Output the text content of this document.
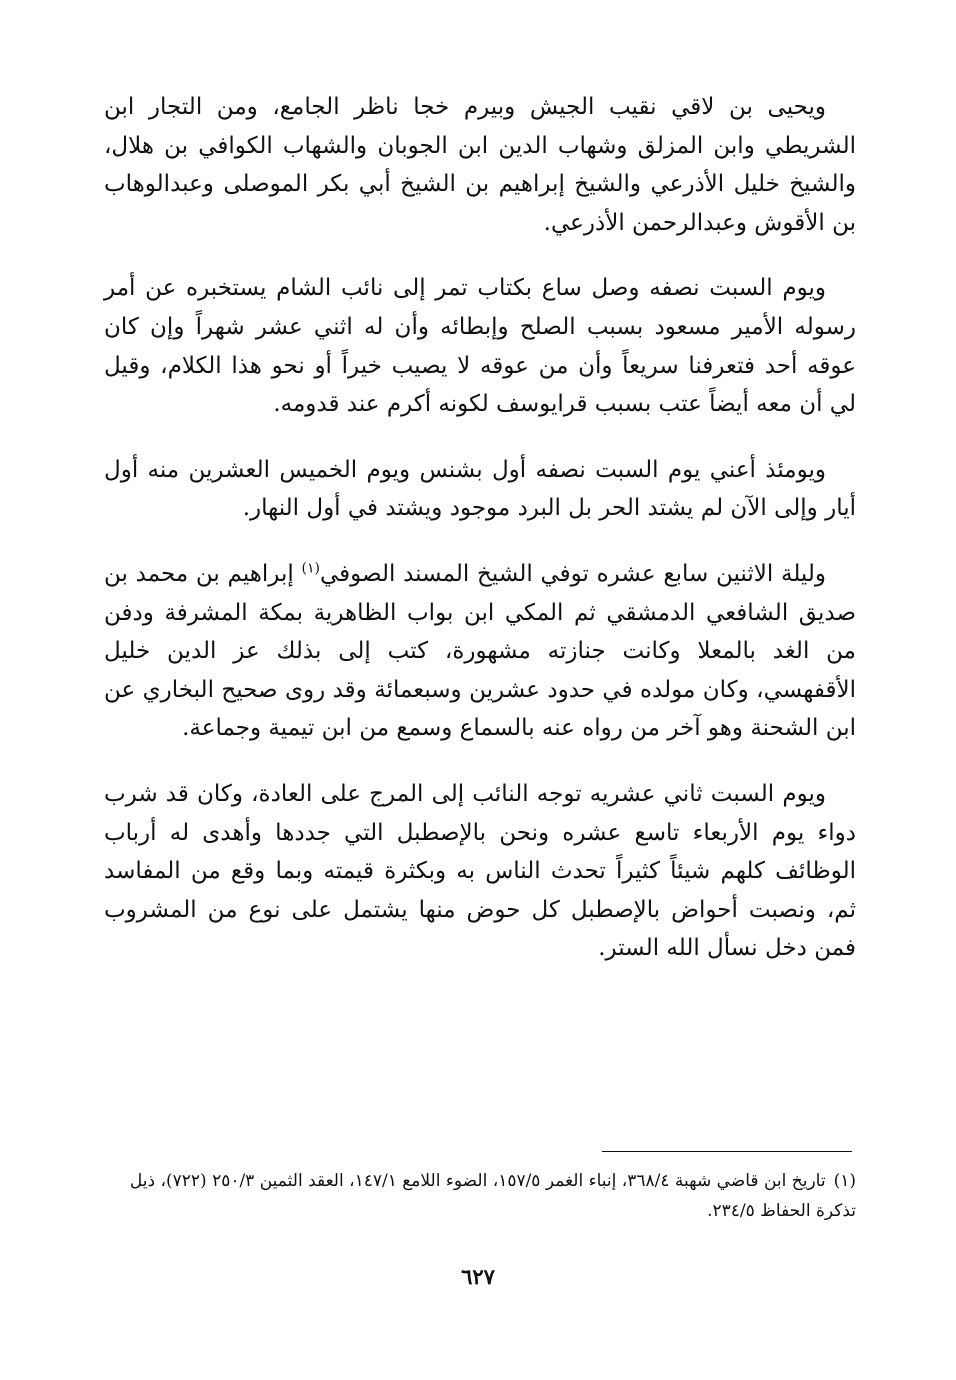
ويحيى بن لاقي نقيب الجيش وبيرم خجا ناظر الجامع، ومن التجار ابن الشريطي وابن المزلق وشهاب الدين ابن الجوبان والشهاب الكوافي بن هلال، والشيخ خليل الأذرعي والشيخ إبراهيم بن الشيخ أبي بكر الموصلى وعبدالوهاب بن الأقوش وعبدالرحمن الأذرعي.

ويوم السبت نصفه وصل ساع بكتاب تمر إلى نائب الشام يستخبره عن أمر رسوله الأمير مسعود بسبب الصلح وإبطائه وأن له اثني عشر شهراً وإن كان عوقه أحد فتعرفنا سريعاً وأن من عوقه لا يصيب خيراً أو نحو هذا الكلام، وقيل لي أن معه أيضاً عتب بسبب قرايوسف لكونه أكرم عند قدومه.

ويومئذ أعني يوم السبت نصفه أول بشنس ويوم الخميس العشرين منه أول أيار وإلى الآن لم يشتد الحر بل البرد موجود ويشتد في أول النهار.

وليلة الاثنين سابع عشره توفي الشيخ المسند الصوفي$^{(١)}$ إبراهيم بن محمد بن صديق الشافعي الدمشقي ثم المكي ابن بواب الظاهرية بمكة المشرفة ودفن من الغد بالمعلا وكانت جنازته مشهورة، كتب إلى بذلك عز الدين خليل الأقفهسي، وكان مولده في حدود عشرين وسبعمائة وقد روى صحيح البخاري عن ابن الشحنة وهو آخر من رواه عنه بالسماع وسمع من ابن تيمية وجماعة.

ويوم السبت ثاني عشريه توجه النائب إلى المرج على العادة، وكان قد شرب دواء يوم الأربعاء تاسع عشره ونحن بالإصطبل التي جددها وأهدى له أرباب الوظائف كلهم شيئاً كثيراً تحدث الناس به وبكثرة قيمته وبما وقع من المفاسد ثم، ونصبت أحواض بالإصطبل كل حوض منها يشتمل على نوع من المشروب فمن دخل نسأل الله الستر.

(١)تاريخ ابن قاضي شهبة ٣٦٨/٤، إنباء الغمر ١٥٧/٥، الضوء اللامع ١٤٧/١، العقد الثمين ٢٥٠/٣ (٧٢٢)، ذيل تذكرة الحفاظ ٢٣٤/٥.
٦٢٧
